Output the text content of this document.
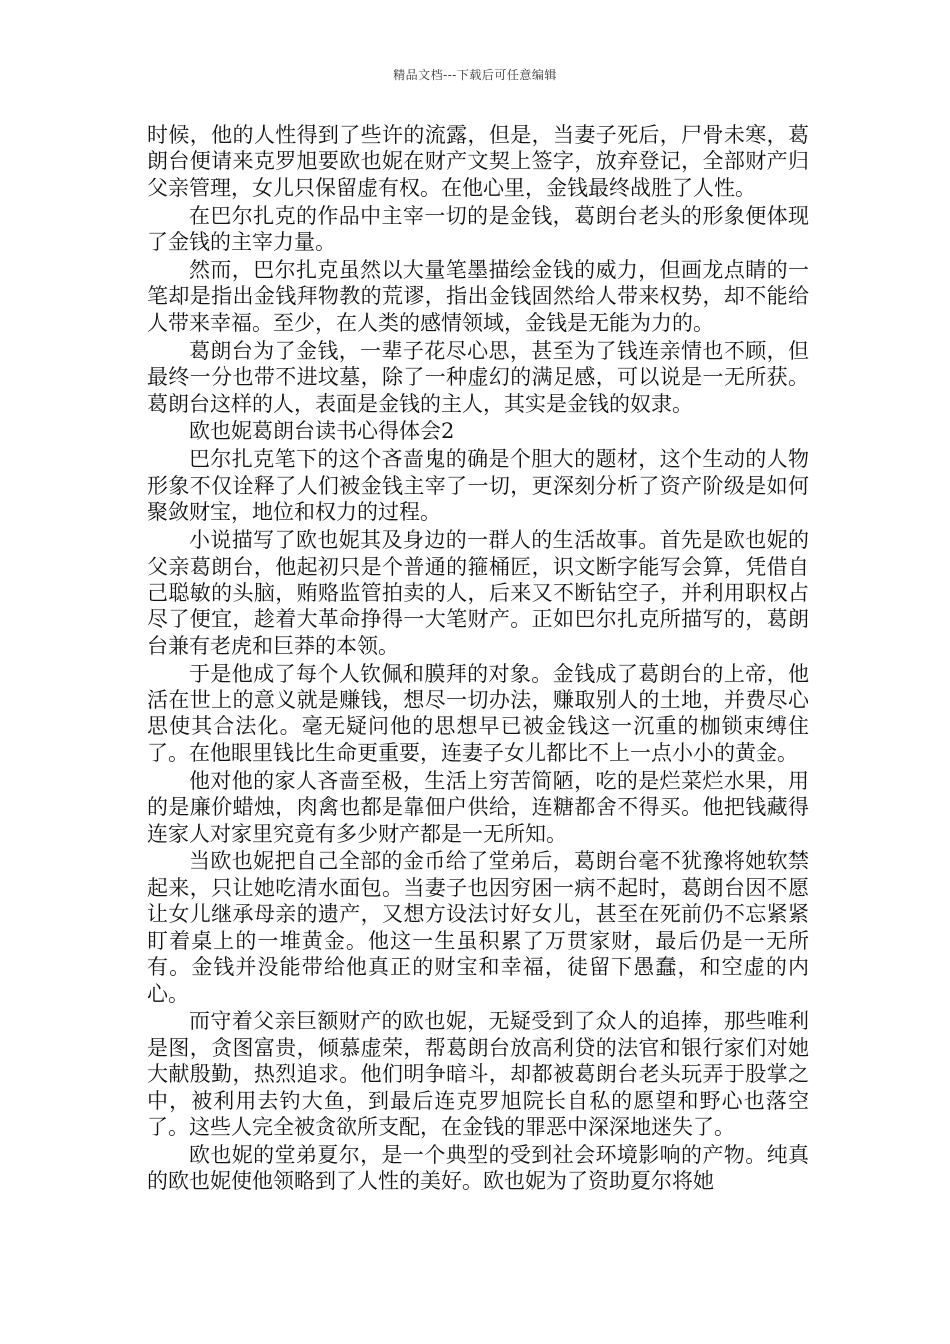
精品文档---下载后可任意编辑

时候，他的人性得到了些许的流露，但是，当妻子死后，尸骨未寒，葛朗台便请来克罗旭要欧也妮在财产文契上签字，放弃登记，全部财产归父亲管理，女儿只保留虚有权。在他心里，金钱最终战胜了人性。

在巴尔扎克的作品中主宰一切的是金钱，葛朗台老头的形象便体现了金钱的主宰力量。

然而，巴尔扎克虽然以大量笔墨描绘金钱的威力，但画龙点睛的一笔却是指出金钱拜物教的荒谬，指出金钱固然给人带来权势，却不能给人带来幸福。至少，在人类的感情领域，金钱是无能为力的。

葛朗台为了金钱，一辈子花尽心思，甚至为了钱连亲情也不顾，但最终一分也带不进坟墓，除了一种虚幻的满足感，可以说是一无所获。葛朗台这样的人，表面是金钱的主人，其实是金钱的奴隶。

欧也妮葛朗台读书心得体会2

巴尔扎克笔下的这个吝啬鬼的确是个胆大的题材，这个生动的人物形象不仅诠释了人们被金钱主宰了一切，更深刻分析了资产阶级是如何聚敛财宝，地位和权力的过程。

小说描写了欧也妮其及身边的一群人的生活故事。首先是欧也妮的父亲葛朗台，他起初只是个普通的箍桶匠，识文断字能写会算，凭借自己聪敏的头脑，贿赂监管拍卖的人，后来又不断钻空子，并利用职权占尽了便宜，趁着大革命挣得一大笔财产。正如巴尔扎克所描写的，葛朗台兼有老虎和巨莽的本领。

于是他成了每个人钦佩和膜拜的对象。金钱成了葛朗台的上帝，他活在世上的意义就是赚钱，想尽一切办法，赚取别人的土地，并费尽心思使其合法化。毫无疑问他的思想早已被金钱这一沉重的枷锁束缚住了。在他眼里钱比生命更重要，连妻子女儿都比不上一点小小的黄金。

他对他的家人吝啬至极，生活上穷苦简陋，吃的是烂菜烂水果，用的是廉价蜡烛，肉禽也都是靠佃户供给，连糖都舍不得买。他把钱藏得连家人对家里究竟有多少财产都是一无所知。

当欧也妮把自己全部的金币给了堂弟后，葛朗台毫不犹豫将她软禁起来，只让她吃清水面包。当妻子也因穷困一病不起时，葛朗台因不愿让女儿继承母亲的遗产，又想方设法讨好女儿，甚至在死前仍不忘紧紧盯着桌上的一堆黄金。他这一生虽积累了万贯家财，最后仍是一无所有。金钱并没能带给他真正的财宝和幸福，徒留下愚蠢，和空虚的内心。

而守着父亲巨额财产的欧也妮，无疑受到了众人的追捧，那些唯利是图，贪图富贵，倾慕虚荣，帮葛朗台放高利贷的法官和银行家们对她大献殷勤，热烈追求。他们明争暗斗，却都被葛朗台老头玩弄于股掌之中，被利用去钓大鱼，到最后连克罗旭院长自私的愿望和野心也落空了。这些人完全被贪欲所支配，在金钱的罪恶中深深地迷失了。

欧也妮的堂弟夏尔，是一个典型的受到社会环境影响的产物。纯真的欧也妮使他领略到了人性的美好。欧也妮为了资助夏尔将她
